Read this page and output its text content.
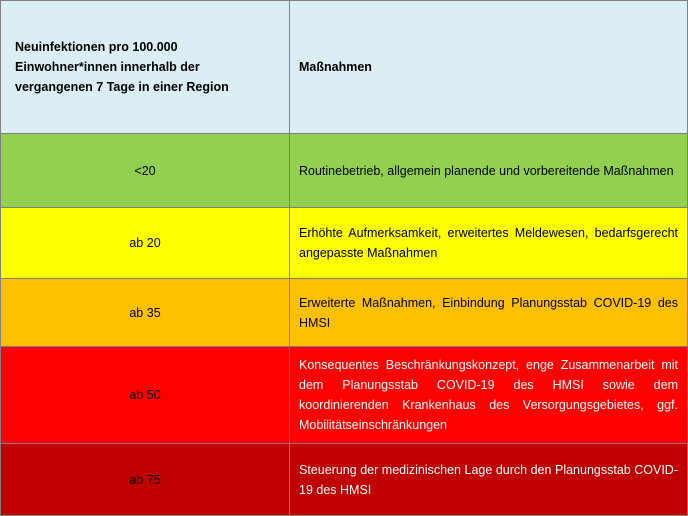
Neuinfektionen pro 100.000 Einwohner*innen innerhalb der vergangenen 7 Tage in einer Region	Maßnahmen
<20	Routinebetrieb, allgemein planende und vorbereitende Maßnahmen
ab 20	Erhöhte Aufmerksamkeit, erweitertes Meldewesen, bedarfsgerecht angepasste Maßnahmen
ab 35	Erweiterte Maßnahmen, Einbindung Planungsstab COVID-19 des HMSI
ab 50	Konsequentes Beschränkungskonzept, enge Zusammenarbeit mit dem Planungsstab COVID-19 des HMSI sowie dem koordinierenden Krankenhaus des Versorgungsgebietes, ggf. Mobilitätseinschränkungen
ab 75	Steuerung der medizinischen Lage durch den Planungsstab COVID-19 des HMSI
